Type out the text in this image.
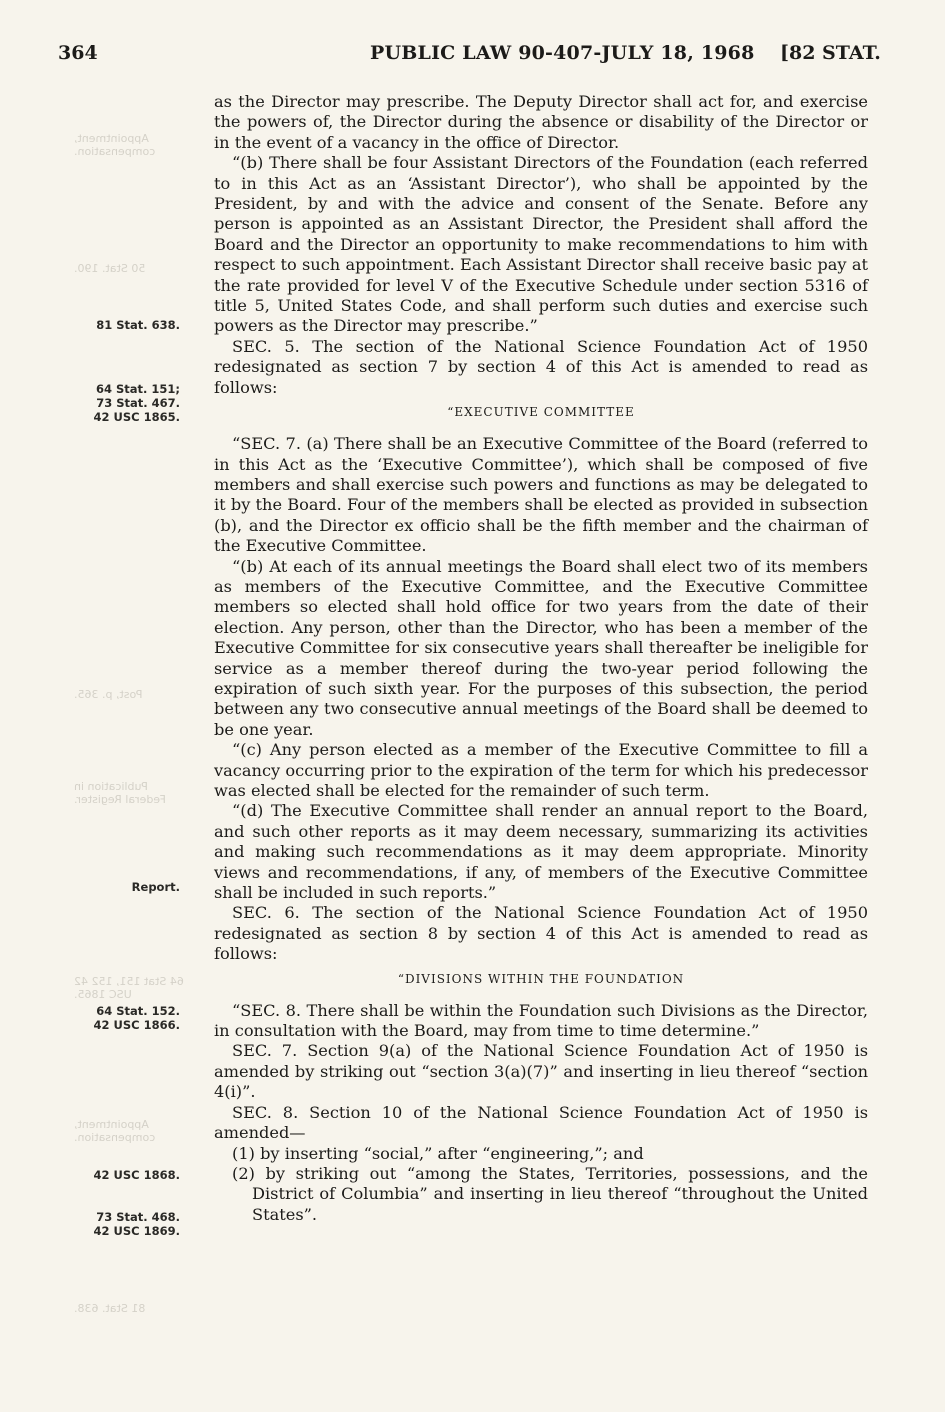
364	PUBLIC LAW 90-407-JULY 18, 1968 [82 STAT.
Appointment, compensation.
50 Stat. 190.
Post, p. 365.
Publication in Federal Register.
64 Stat 151, 152 42 USC 1865.
Appointment, compensation.
81 Stat. 638.
81 Stat. 638.
64 Stat. 151;
73 Stat. 467.
42 USC 1865.
Report.
64 Stat. 152.
42 USC 1866.
42 USC 1868.
73 Stat. 468.
42 USC 1869.

as the Director may prescribe. The Deputy Director shall act for, and exercise the powers of, the Director during the absence or disability of the Director or in the event of a vacancy in the office of Director.

“(b) There shall be four Assistant Directors of the Foundation (each referred to in this Act as an ‘Assistant Director’), who shall be appointed by the President, by and with the advice and consent of the Senate. Before any person is appointed as an Assistant Director, the President shall afford the Board and the Director an opportunity to make recommendations to him with respect to such appointment. Each Assistant Director shall receive basic pay at the rate provided for level V of the Executive Schedule under section 5316 of title 5, United States Code, and shall perform such duties and exercise such powers as the Director may prescribe.”

SEC. 5. The section of the National Science Foundation Act of 1950 redesignated as section 7 by section 4 of this Act is amended to read as follows:

“EXECUTIVE COMMITTEE

“SEC. 7. (a) There shall be an Executive Committee of the Board (referred to in this Act as the ‘Executive Committee’), which shall be composed of five members and shall exercise such powers and functions as may be delegated to it by the Board. Four of the members shall be elected as provided in subsection (b), and the Director ex officio shall be the fifth member and the chairman of the Executive Committee.

“(b) At each of its annual meetings the Board shall elect two of its members as members of the Executive Committee, and the Executive Committee members so elected shall hold office for two years from the date of their election. Any person, other than the Director, who has been a member of the Executive Committee for six consecutive years shall thereafter be ineligible for service as a member thereof during the two-year period following the expiration of such sixth year. For the purposes of this subsection, the period between any two consecutive annual meetings of the Board shall be deemed to be one year.

“(c) Any person elected as a member of the Executive Committee to fill a vacancy occurring prior to the expiration of the term for which his predecessor was elected shall be elected for the remainder of such term.

“(d) The Executive Committee shall render an annual report to the Board, and such other reports as it may deem necessary, summarizing its activities and making such recommendations as it may deem appropriate. Minority views and recommendations, if any, of members of the Executive Committee shall be included in such reports.”

SEC. 6. The section of the National Science Foundation Act of 1950 redesignated as section 8 by section 4 of this Act is amended to read as follows:

“DIVISIONS WITHIN THE FOUNDATION

“SEC. 8. There shall be within the Foundation such Divisions as the Director, in consultation with the Board, may from time to time determine.”

SEC. 7. Section 9(a) of the National Science Foundation Act of 1950 is amended by striking out “section 3(a)(7)” and inserting in lieu thereof “section 4(i)”.

SEC. 8. Section 10 of the National Science Foundation Act of 1950 is amended—

(1) by inserting “social,” after “engineering,”; and

(2) by striking out “among the States, Territories, possessions, and the District of Columbia” and inserting in lieu thereof “throughout the United States”.
